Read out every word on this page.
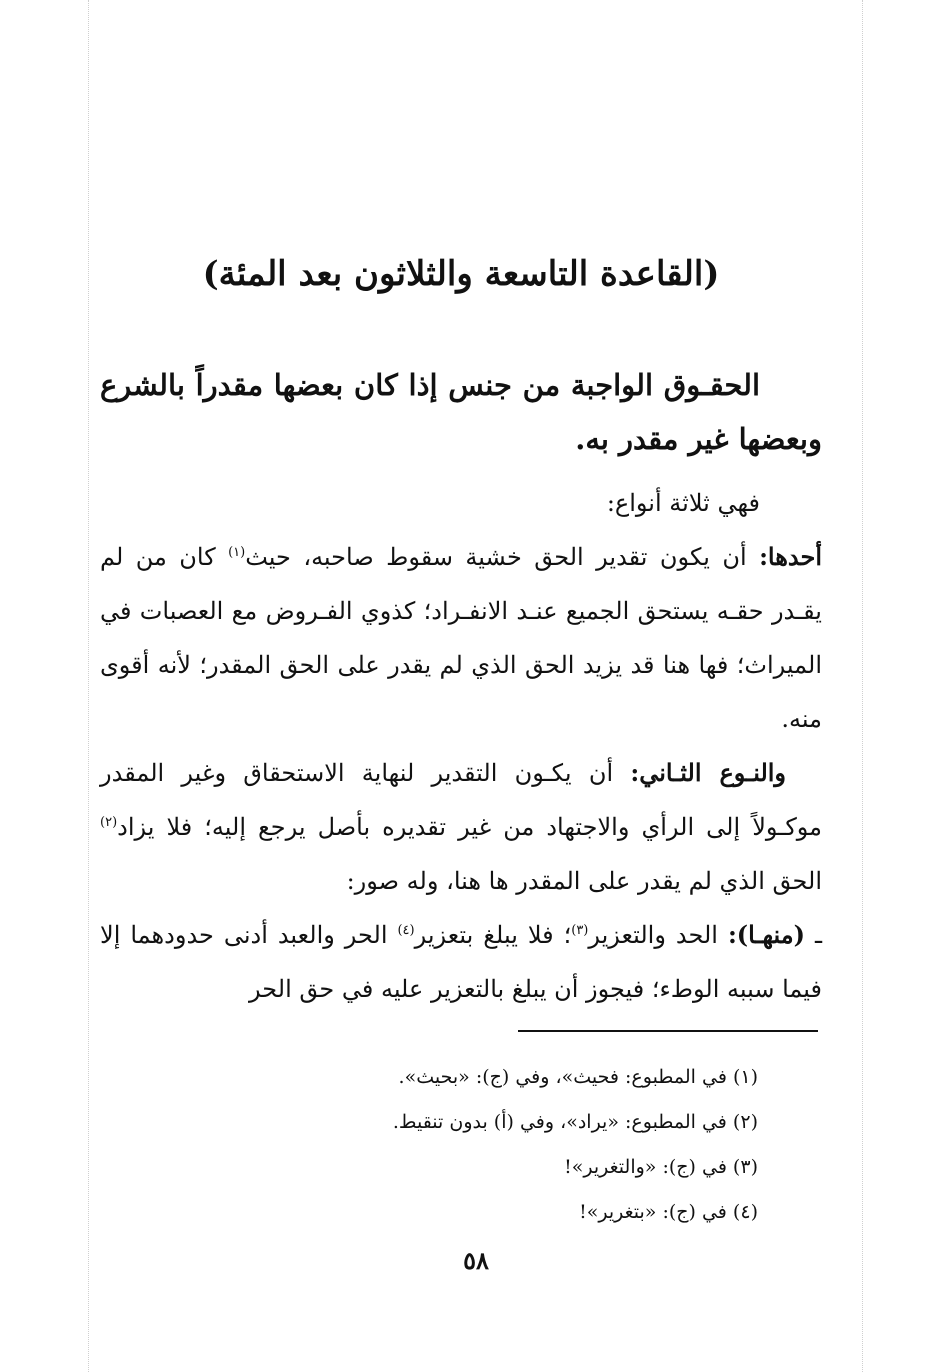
(القاعدة التاسعة والثلاثون بعد المئة)
الحقـوق الواجبة من جنس إذا كان بعضها مقدراً بالشرع وبعضها غير مقدر به.
فهي ثلاثة أنواع:
أحدها: أن يكون تقدير الحق خشية سقوط صاحبه، حيث$^{(١)}$ كان من لم يقـدر حقـه يستحق الجميع عنـد الانفـراد؛ كذوي الفـروض مع العصبات في الميراث؛ فها هنا قد يزيد الحق الذي لم يقدر على الحق المقدر؛ لأنه أقوى منه.
والنـوع الثـاني: أن يكـون التقدير لنهاية الاستحقاق وغير المقدر موكـولاً إلى الرأي والاجتهاد من غير تقديره بأصل يرجع إليه؛ فلا يزاد$^{(٢)}$ الحق الذي لم يقدر على المقدر ها هنا، وله صور:
ـ (منهـا): الحد والتعزير$^{(٣)}$؛ فلا يبلغ بتعزير$^{(٤)}$ الحر والعبد أدنى حدودهما إلا فيما سببه الوطء؛ فيجوز أن يبلغ بالتعزير عليه في حق الحر
(١) في المطبوع: فحيث»، وفي (ج): «بحيث».
(٢) في المطبوع: «يراد»، وفي (أ) بدون تنقيط.
(٣) في (ج): «والتغرير»!
(٤) في (ج): «بتغرير»!
٥٨
